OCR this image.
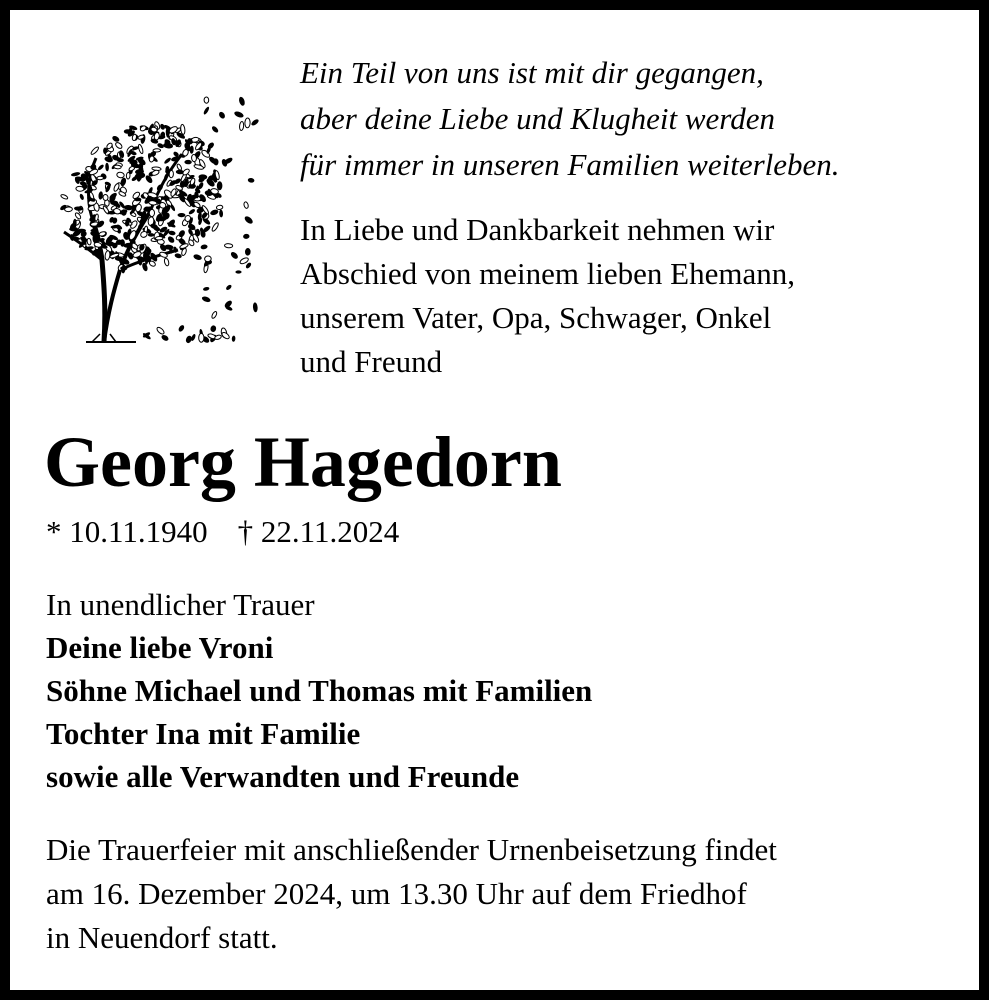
Ein Teil von uns ist mit dir gegangen,
aber deine Liebe und Klugheit werden
für immer in unseren Familien weiterleben.
In Liebe und Dankbarkeit nehmen wir
Abschied von meinem lieben Ehemann,
unserem Vater, Opa, Schwager, Onkel
und Freund
Georg Hagedorn
* 10.11.1940 † 22.11.2024
In unendlicher Trauer
Deine liebe Vroni
Söhne Michael und Thomas mit Familien
Tochter Ina mit Familie
sowie alle Verwandten und Freunde
Die Trauerfeier mit anschließender Urnenbeisetzung findet
am 16. Dezember 2024, um 13.30 Uhr auf dem Friedhof
in Neuendorf statt.
